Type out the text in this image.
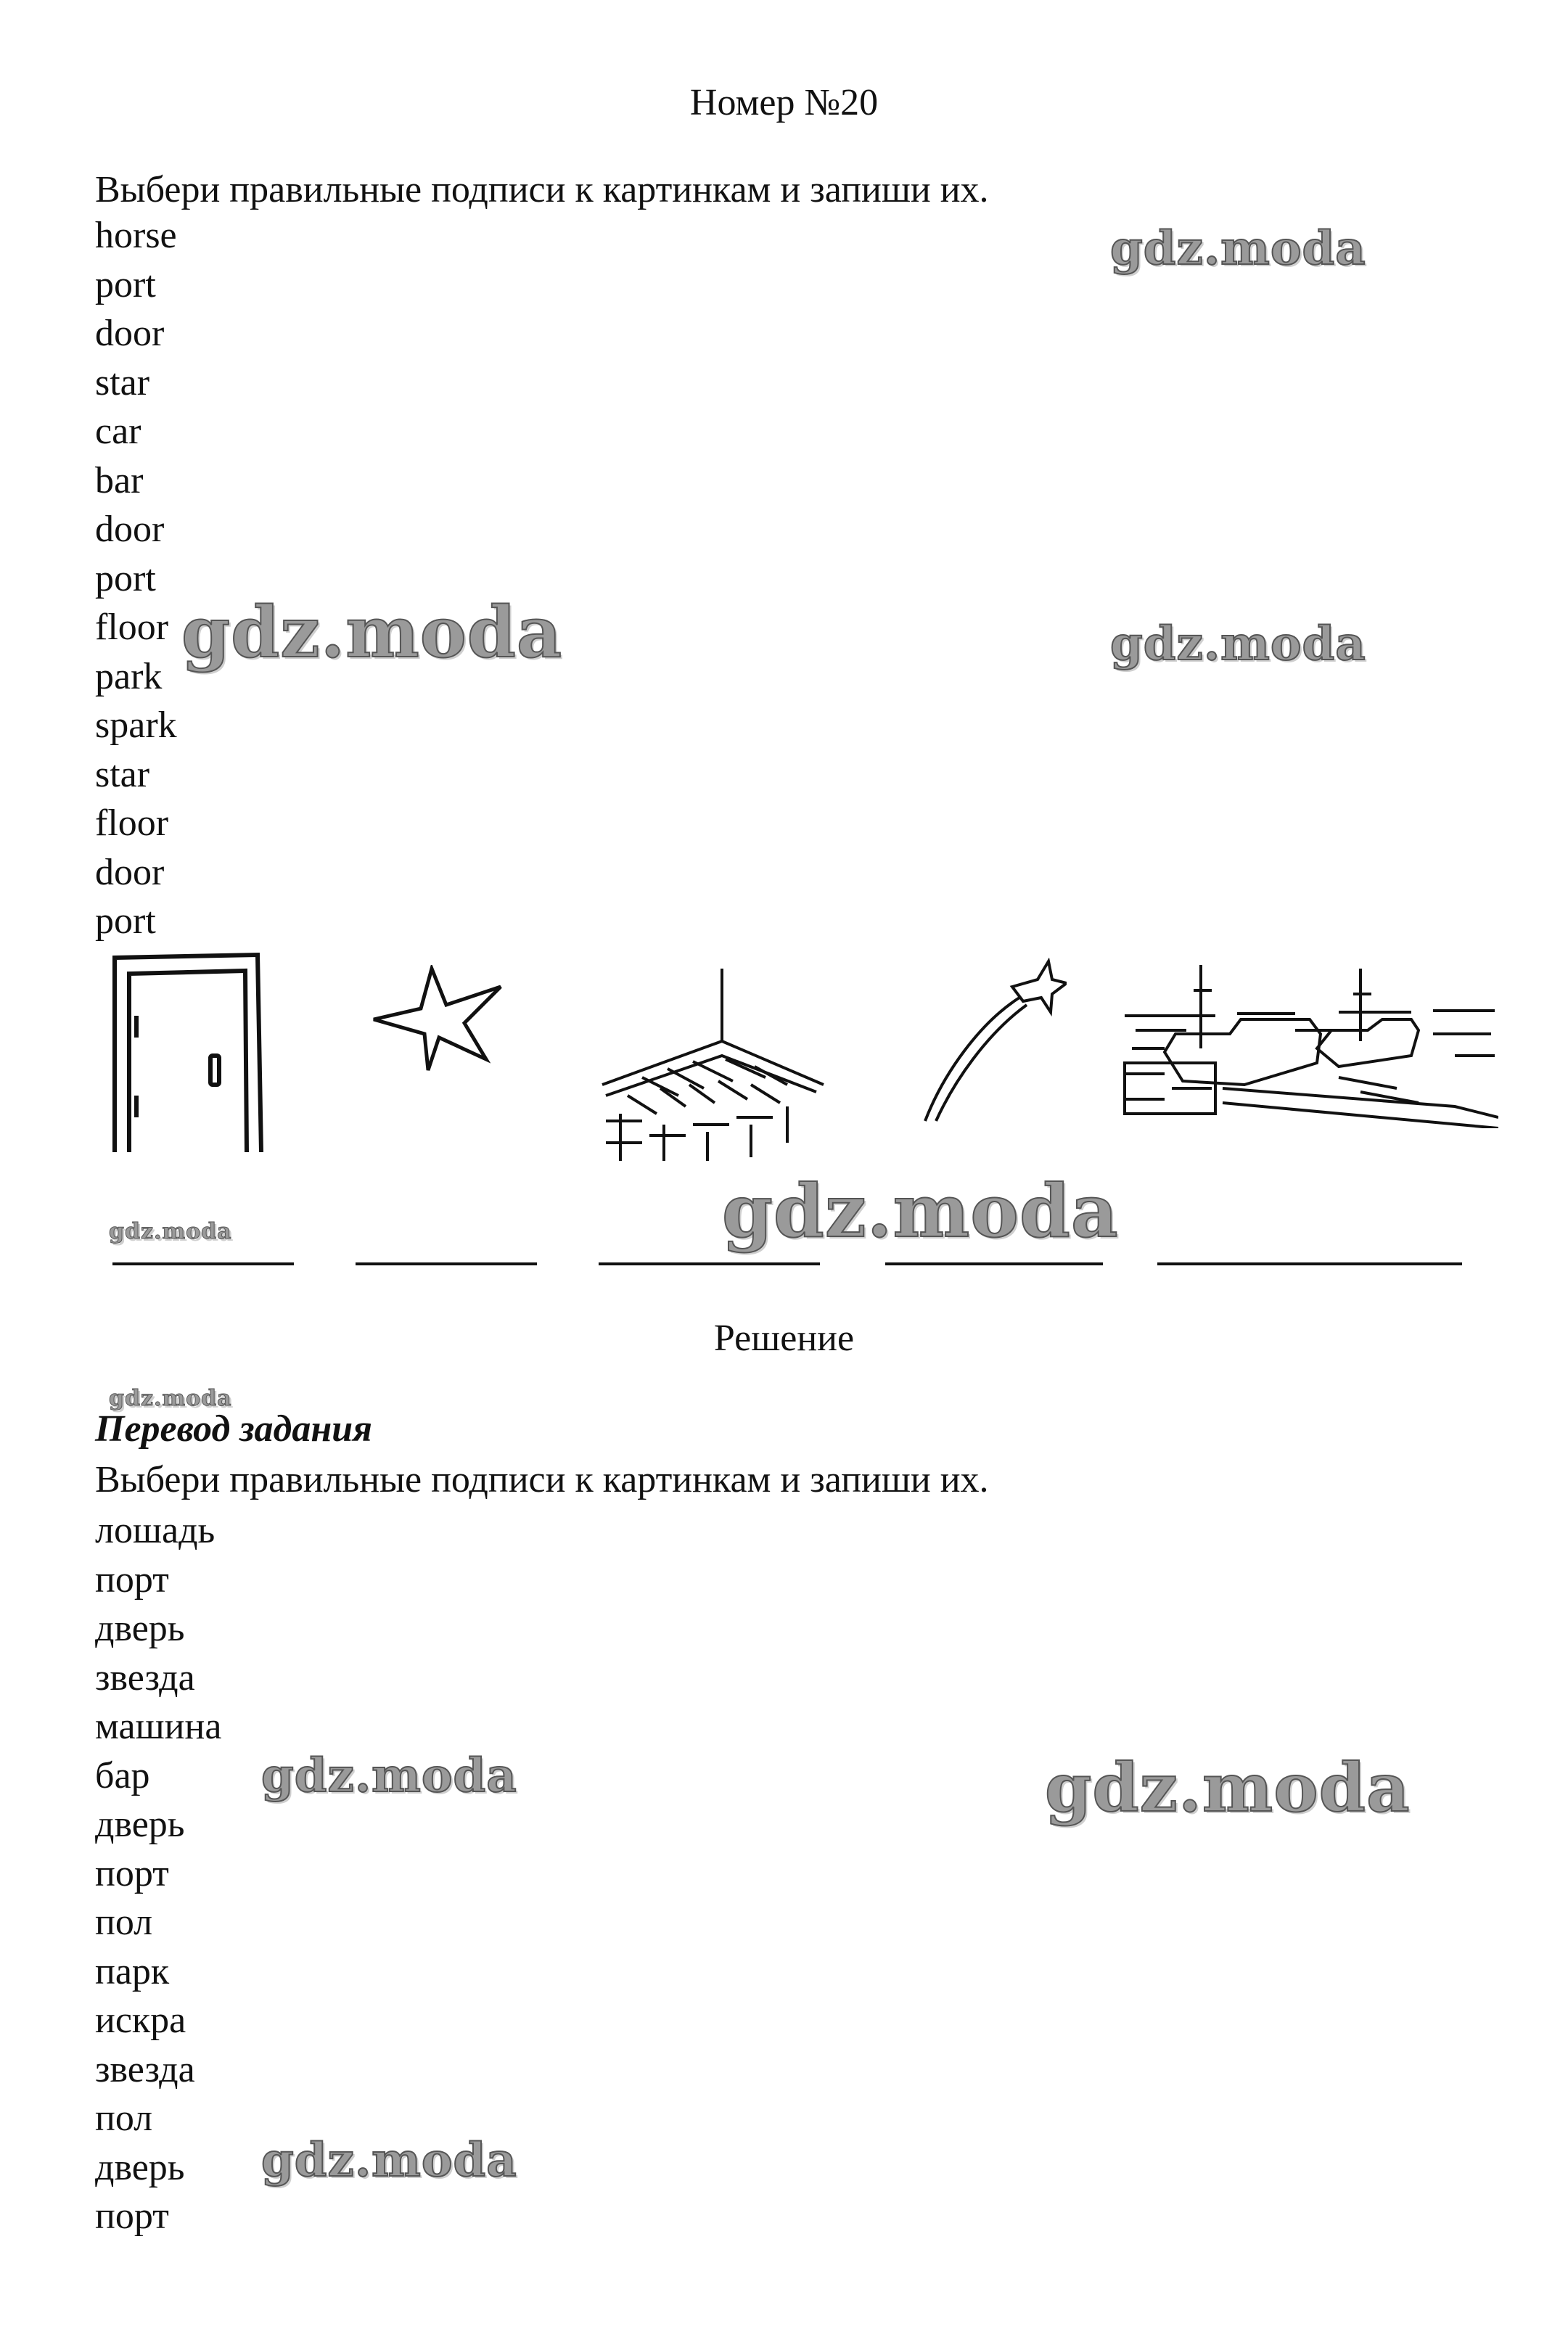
Номер №20
Выбери правильные подписи к картинкам и запиши их.
horse
port
door
star
car
bar
door
port
floor
park
spark
star
floor
door
port
Решение
Перевод задания
Выбери правильные подписи к картинкам и запиши их.
лошадь
порт
дверь
звезда
машина
бар
дверь
порт
пол
парк
искра
звезда
пол
дверь
порт
gdz.moda
gdz.moda	gdz.moda
gdz.moda	gdz.moda
gdz.moda
gdz.moda	gdz.moda
gdz.moda
